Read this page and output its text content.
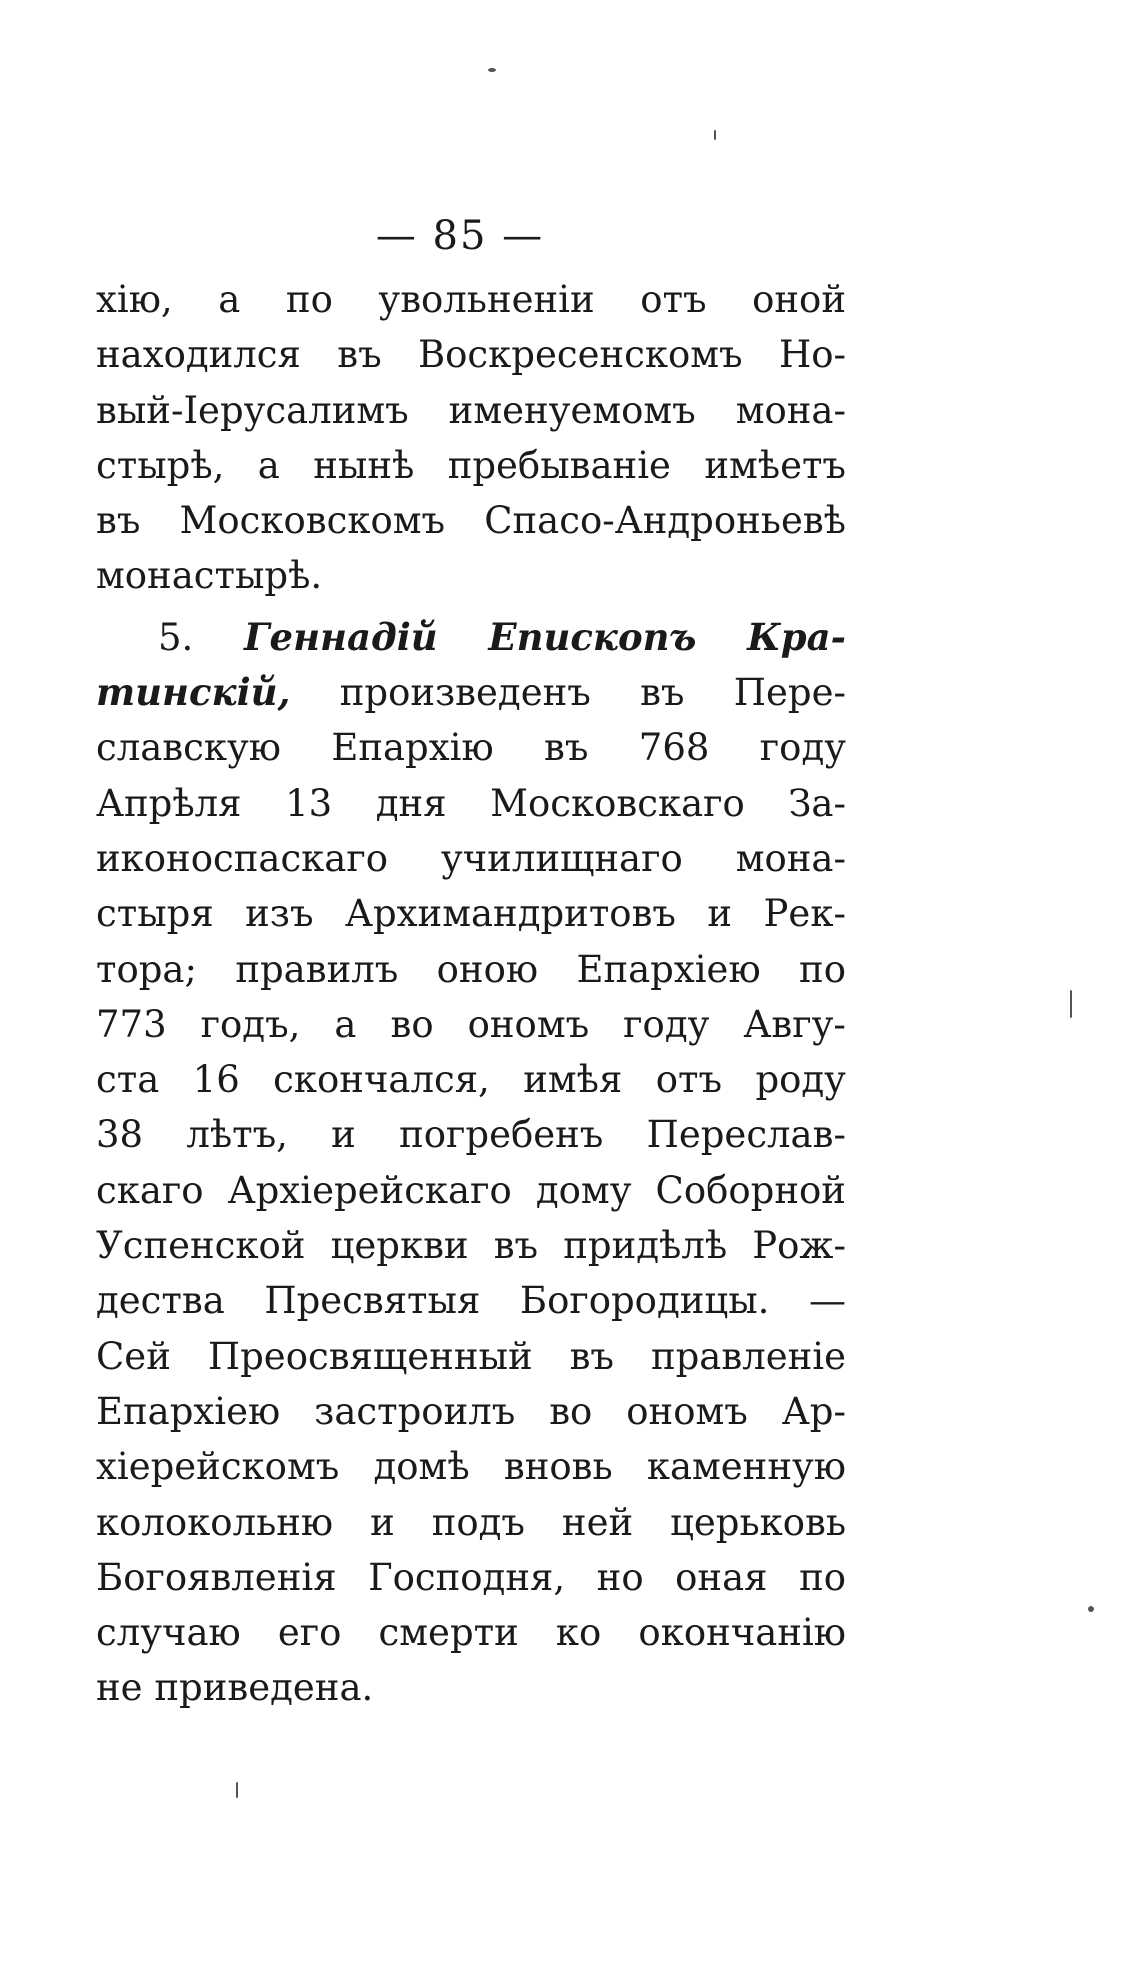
— 85 —
хію, а по увольненіи отъ оной
находился въ Воскресенскомъ Но-
вый-Іерусалимъ именуемомъ мона-
стырѣ, а нынѣ пребываніе имѣетъ
въ Московскомъ Спасо-Андроньевѣ
монастырѣ.
5. Геннадій Епископъ Кра-
тинскій, произведенъ въ Пере-
славскую Епархію въ 768 году
Апрѣля 13 дня Московскаго За-
иконоспаскаго училищнаго мона-
стыря изъ Архимандритовъ и Рек-
тора; правилъ оною Епархіею по
773 годъ, а во ономъ году Авгу-
ста 16 скончался, имѣя отъ роду
38 лѣтъ, и погребенъ Переслав-
скаго Архіерейскаго дому Соборной
Успенской церкви въ придѣлѣ Рож-
дества Пресвятыя Богородицы. —
Сей Преосвященный въ правленіе
Епархіею застроилъ во ономъ Ар-
хіерейскомъ домѣ вновь каменную
колокольню и подъ ней церьковь
Богоявленія Господня, но оная по
случаю его смерти ко окончанію
не приведена.
